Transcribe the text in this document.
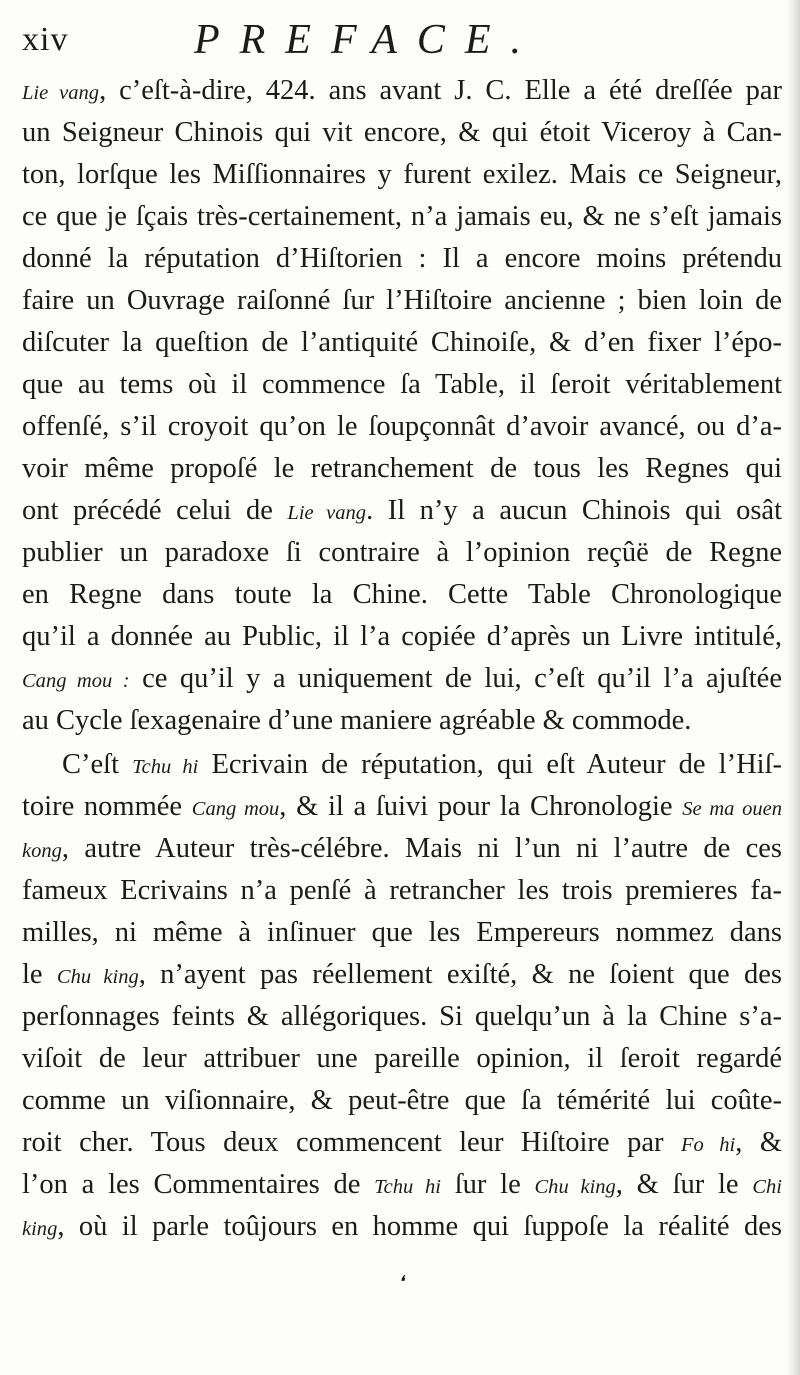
xiv	PREFACE.
Lie vang, c’eſt-à-dire, 424. ans avant J. C. Elle a été dreſſée par
un Seigneur Chinois qui vit encore, & qui étoit Viceroy à Can-
ton, lorſque les Miſſionnaires y furent exilez. Mais ce Seigneur,
ce que je ſçais très-certainement, n’a jamais eu, & ne s’eſt jamais
donné la réputation d’Hiſtorien : Il a encore moins prétendu
faire un Ouvrage raiſonné ſur l’Hiſtoire ancienne ; bien loin de
diſcuter la queſtion de l’antiquité Chinoiſe, & d’en fixer l’épo-
que au tems où il commence ſa Table, il ſeroit véritablement
offenſé, s’il croyoit qu’on le ſoupçonnât d’avoir avancé, ou d’a-
voir même propoſé le retranchement de tous les Regnes qui
ont précédé celui de Lie vang. Il n’y a aucun Chinois qui osât
publier un paradoxe ſi contraire à l’opinion reçûë de Regne
en Regne dans toute la Chine. Cette Table Chronologique
qu’il a donnée au Public, il l’a copiée d’après un Livre intitulé,
Cang mou : ce qu’il y a uniquement de lui, c’eſt qu’il l’a ajuſtée
au Cycle ſexagenaire d’une maniere agréable & commode.
C’eſt Tchu hi Ecrivain de réputation, qui eſt Auteur de l’Hiſ-
toire nommée Cang mou, & il a ſuivi pour la Chronologie Se ma ouen
kong, autre Auteur très-célébre. Mais ni l’un ni l’autre de ces
fameux Ecrivains n’a penſé à retrancher les trois premieres fa-
milles, ni même à inſinuer que les Empereurs nommez dans
le Chu king, n’ayent pas réellement exiſté, & ne ſoient que des
perſonnages feints & allégoriques. Si quelqu’un à la Chine s’a-
viſoit de leur attribuer une pareille opinion, il ſeroit regardé
comme un viſionnaire, & peut-être que ſa témérité lui coûte-
roit cher. Tous deux commencent leur Hiſtoire par Fo hi, &
l’on a les Commentaires de Tchu hi ſur le Chu king, & ſur le Chi
king, où il parle toûjours en homme qui ſuppoſe la réalité des
❛
